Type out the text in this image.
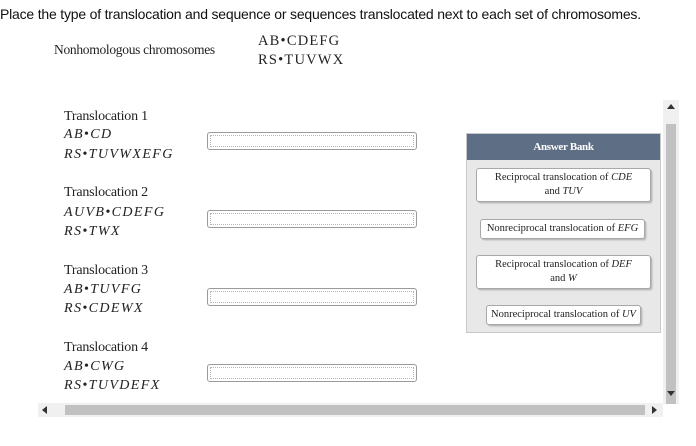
Place the type of translocation and sequence or sequences translocated next to each set of chromosomes.
Nonhomologous chromosomes
AB•CDEFG
RS•TUVWX
Translocation 1
AB•CD
RS•TUVWXEFG
Translocation 2
AUVB•CDEFG
RS•TWX
Translocation 3
AB•TUVFG
RS•CDEWX
Translocation 4
AB•CWG
RS•TUVDEFX
Answer Bank
Reciprocal translocation of CDE
and TUV
Nonreciprocal translocation of EFG
Reciprocal translocation of DEF
and W
Nonreciprocal translocation of UV
